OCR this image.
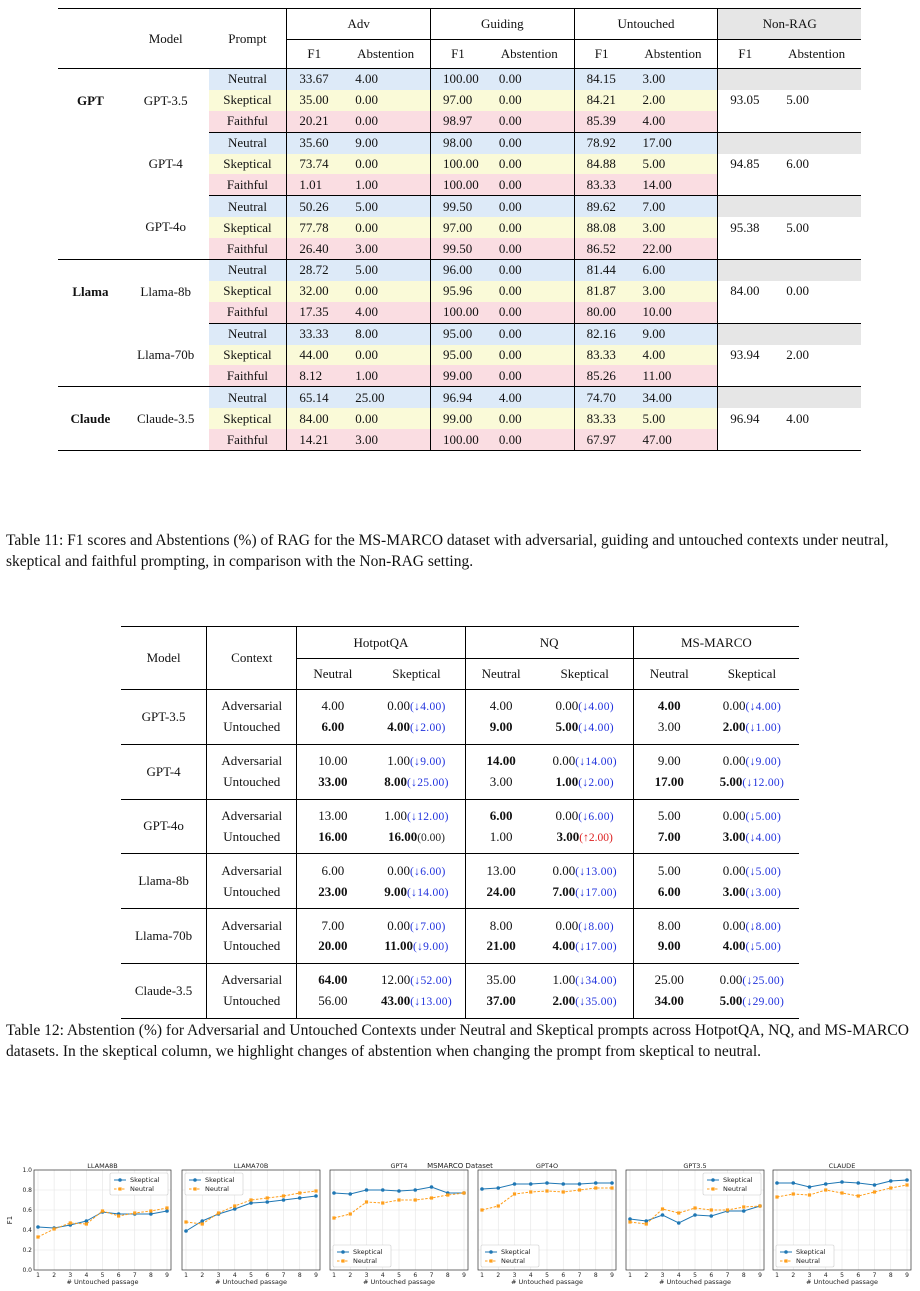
	Model	Prompt	Adv		Guiding		Untouched		Non-RAG	
			F1	Abstention	F1	Abstention	F1	Abstention	F1	Abstention
GPT	GPT-3.5	Neutral	33.67	4.00	100.00	0.00	84.15	3.00		
		Skeptical	35.00	0.00	97.00	0.00	84.21	2.00	93.05	5.00
		Faithful	20.21	0.00	98.97	0.00	85.39	4.00		
	GPT-4	Neutral	35.60	9.00	98.00	0.00	78.92	17.00		
		Skeptical	73.74	0.00	100.00	0.00	84.88	5.00	94.85	6.00
		Faithful	1.01	1.00	100.00	0.00	83.33	14.00		
	GPT-4o	Neutral	50.26	5.00	99.50	0.00	89.62	7.00		
		Skeptical	77.78	0.00	97.00	0.00	88.08	3.00	95.38	5.00
		Faithful	26.40	3.00	99.50	0.00	86.52	22.00		
Llama	Llama-8b	Neutral	28.72	5.00	96.00	0.00	81.44	6.00		
		Skeptical	32.00	0.00	95.96	0.00	81.87	3.00	84.00	0.00
		Faithful	17.35	4.00	100.00	0.00	80.00	10.00		
	Llama-70b	Neutral	33.33	8.00	95.00	0.00	82.16	9.00		
		Skeptical	44.00	0.00	95.00	0.00	83.33	4.00	93.94	2.00
		Faithful	8.12	1.00	99.00	0.00	85.26	11.00		
Claude	Claude-3.5	Neutral	65.14	25.00	96.94	4.00	74.70	34.00		
		Skeptical	84.00	0.00	99.00	0.00	83.33	5.00	96.94	4.00
		Faithful	14.21	3.00	100.00	0.00	67.97	47.00		
Table 11: F1 scores and Abstentions (%) of RAG for the MS-MARCO dataset with adversarial, guiding and untouched contexts under neutral, skeptical and faithful prompting, in comparison with the Non-RAG setting.
Model	Context	HotpotQA		NQ		MS-MARCO	
		Neutral	Skeptical	Neutral	Skeptical	Neutral	Skeptical
GPT-3.5	Adversarial	4.00	0.00(↓4.00)	4.00	0.00(↓4.00)	4.00	0.00(↓4.00)
	Untouched	6.00	4.00(↓2.00)	9.00	5.00(↓4.00)	3.00	2.00(↓1.00)
GPT-4	Adversarial	10.00	1.00(↓9.00)	14.00	0.00(↓14.00)	9.00	0.00(↓9.00)
	Untouched	33.00	8.00(↓25.00)	3.00	1.00(↓2.00)	17.00	5.00(↓12.00)
GPT-4o	Adversarial	13.00	1.00(↓12.00)	6.00	0.00(↓6.00)	5.00	0.00(↓5.00)
	Untouched	16.00	16.00(0.00)	1.00	3.00(↑2.00)	7.00	3.00(↓4.00)
Llama-8b	Adversarial	6.00	0.00(↓6.00)	13.00	0.00(↓13.00)	5.00	0.00(↓5.00)
	Untouched	23.00	9.00(↓14.00)	24.00	7.00(↓17.00)	6.00	3.00(↓3.00)
Llama-70b	Adversarial	7.00	0.00(↓7.00)	8.00	0.00(↓8.00)	8.00	0.00(↓8.00)
	Untouched	20.00	11.00(↓9.00)	21.00	4.00(↓17.00)	9.00	4.00(↓5.00)
Claude-3.5	Adversarial	64.00	12.00(↓52.00)	35.00	1.00(↓34.00)	25.00	0.00(↓25.00)
	Untouched	56.00	43.00(↓13.00)	37.00	2.00(↓35.00)	34.00	5.00(↓29.00)
Table 12: Abstention (%) for Adversarial and Untouched Contexts under Neutral and Skeptical prompts across HotpotQA, NQ, and MS-MARCO datasets. In the skeptical column, we highlight changes of abstention when changing the prompt from skeptical to neutral.
MSMARCO Dataset
F1
LLAMA8B
1 2 3 4 5 6 7 8 9
0.0
0.2
0.4
0.6
0.8
1.0
# Untouched passage
Skeptical
Neutral
LLAMA70B
1 2 3 4 5 6 7 8 9
# Untouched passage
Skeptical
Neutral
GPT4
1 2 3 4 5 6 7 8 9
# Untouched passage
Skeptical
Neutral
GPT4O
1 2 3 4 5 6 7 8 9
# Untouched passage
Skeptical
Neutral
GPT3.5
1 2 3 4 5 6 7 8 9
# Untouched passage
Skeptical
Neutral
CLAUDE
1 2 3 4 5 6 7 8 9
# Untouched passage
Skeptical
Neutral
